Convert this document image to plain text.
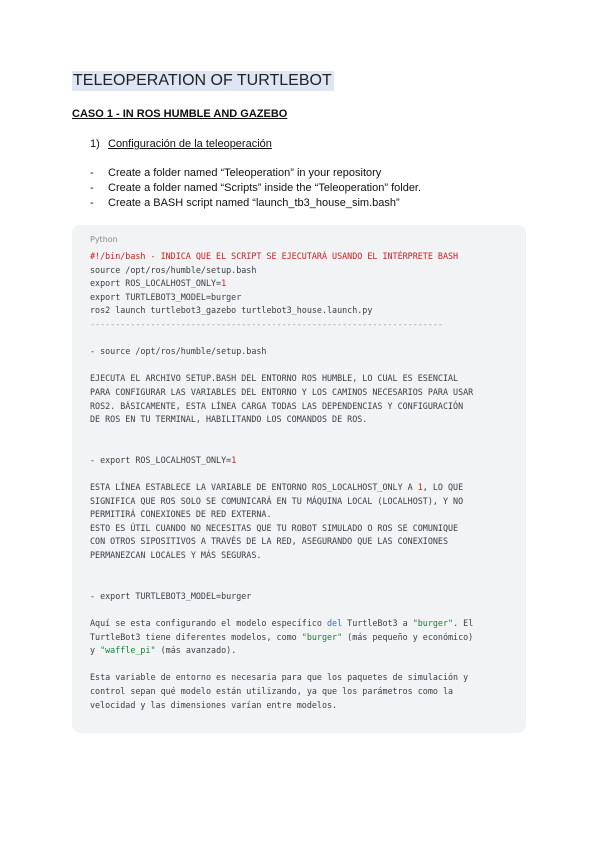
TELEOPERATION OF TURTLEBOT
CASO 1 - IN ROS HUMBLE AND GAZEBO
1) Configuración de la teleoperación
- Create a folder named “Teleoperation” in your repository
- Create a folder named “Scripts” inside the “Teleoperation” folder.
- Create a BASH script named “launch_tb3_house_sim.bash”
Python
#!/bin/bash - INDICA QUE EL SCRIPT SE EJECUTARÁ USANDO EL INTÉRPRETE BASH
source /opt/ros/humble/setup.bash
export ROS_LOCALHOST_ONLY=1
export TURTLEBOT3_MODEL=burger
ros2 launch turtlebot3_gazebo turtlebot3_house.launch.py
----------------------------------------------------------------------
- source /opt/ros/humble/setup.bash
EJECUTA EL ARCHIVO SETUP.BASH DEL ENTORNO ROS HUMBLE, LO CUAL ES ESENCIAL
PARA CONFIGURAR LAS VARIABLES DEL ENTORNO Y LOS CAMINOS NECESARIOS PARA USAR
ROS2. BÁSICAMENTE, ESTA LÍNEA CARGA TODAS LAS DEPENDENCIAS Y CONFIGURACIÓN
DE ROS EN TU TERMINAL, HABILITANDO LOS COMANDOS DE ROS.
- export ROS_LOCALHOST_ONLY=1
ESTA LÍNEA ESTABLECE LA VARIABLE DE ENTORNO ROS_LOCALHOST_ONLY A 1, LO QUE
SIGNIFICA QUE ROS SOLO SE COMUNICARÁ EN TU MÁQUINA LOCAL (LOCALHOST), Y NO
PERMITIRÁ CONEXIONES DE RED EXTERNA.
ESTO ES ÚTIL CUANDO NO NECESITAS QUE TU ROBOT SIMULADO O ROS SE COMUNIQUE
CON OTROS SIPOSITIVOS A TRAVÉS DE LA RED, ASEGURANDO QUE LAS CONEXIONES
PERMANEZCAN LOCALES Y MÁS SEGURAS.
- export TURTLEBOT3_MODEL=burger
Aquí se esta configurando el modelo específico del TurtleBot3 a "burger". El
TurtleBot3 tiene diferentes modelos, como "burger" (más pequeño y económico)
y "waffle_pi" (más avanzado).
Esta variable de entorno es necesaria para que los paquetes de simulación y
control sepan qué modelo están utilizando, ya que los parámetros como la
velocidad y las dimensiones varían entre modelos.
